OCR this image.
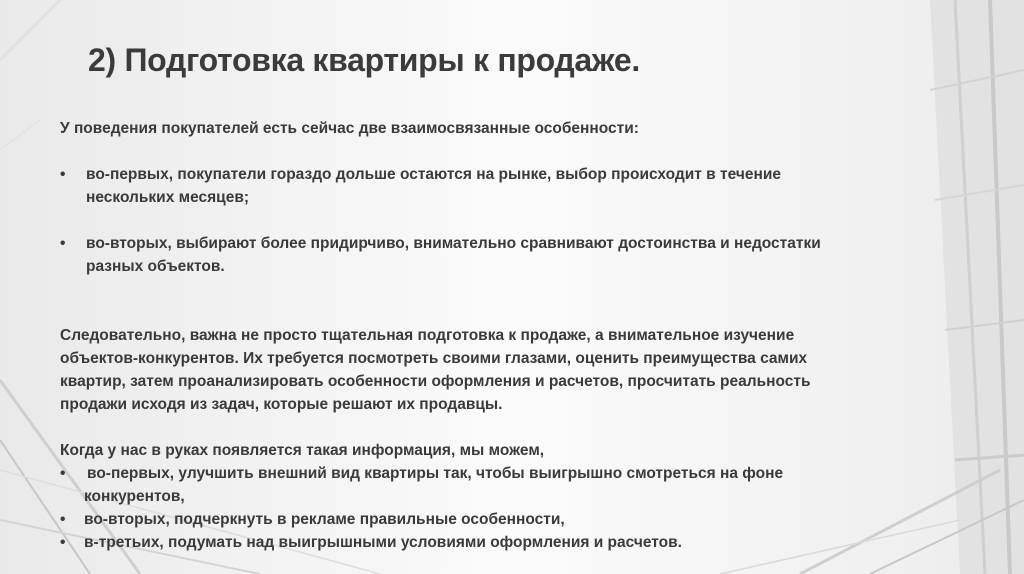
2) Подготовка квартиры к продаже.

У поведения покупателей есть сейчас две взаимосвязанные особенности:

•	во-первых, покупатели гораздо дольше остаются на рынке, выбор происходит в течение
нескольких месяцев;
•	во-вторых, выбирают более придирчиво, внимательно сравнивают достоинства и недостатки
разных объектов.

Следовательно, важна не просто тщательная подготовка к продаже, а внимательное изучение
объектов-конкурентов. Их требуется посмотреть своими глазами, оценить преимущества самих
квартир, затем проанализировать особенности оформления и расчетов, просчитать реальность
продажи исходя из задач, которые решают их продавцы.

Когда у нас в руках появляется такая информация, мы можем,

•	во-первых, улучшить внешний вид квартиры так, чтобы выигрышно смотреться на фоне
конкурентов,
•	во-вторых, подчеркнуть в рекламе правильные особенности,
•	в-третьих, подумать над выигрышными условиями оформления и расчетов.
